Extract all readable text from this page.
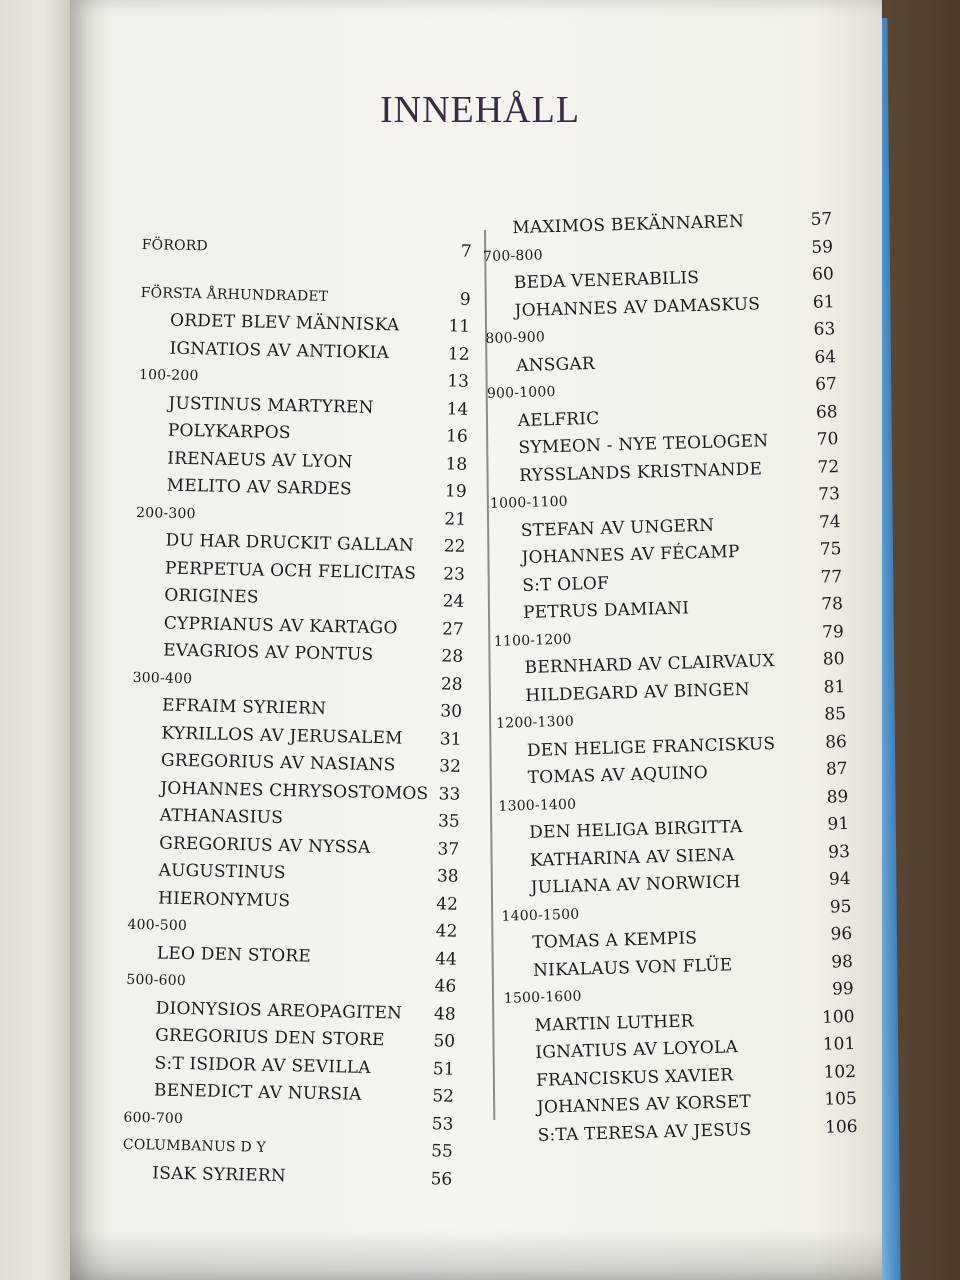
INNEHÅLL
FÖRORD	7
FÖRSTA ÅRHUNDRADET	9
ORDET BLEV MÄNNISKA	11
IGNATIOS AV ANTIOKIA	12
100-200	13
JUSTINUS MARTYREN	14
POLYKARPOS	16
IRENAEUS AV LYON	18
MELITO AV SARDES	19
200-300	21
DU HAR DRUCKIT GALLAN 22
PERPETUA OCH FELICITAS 23
ORIGINES	24
CYPRIANUS AV KARTAGO	27
EVAGRIOS AV PONTUS	28
300-400	28
EFRAIM SYRIERN	30
KYRILLOS AV JERUSALEM 31
GREGORIUS AV NASIANS	32
JOHANNES CHRYSOSTOMOS 33
ATHANASIUS	35
GREGORIUS AV NYSSA	37
AUGUSTINUS	38
HIERONYMUS	42
400-500	42
LEO DEN STORE	44
500-600	46
DIONYSIOS AREOPAGITEN 48
GREGORIUS DEN STORE	50
S:T ISIDOR AV SEVILLA	51
BENEDICT AV NURSIA	52
600-700	53
COLUMBANUS D Y	55
ISAK SYRIERN	56
MAXIMOS BEKÄNNAREN	57
700-800	59
BEDA VENERABILIS	60
JOHANNES AV DAMASKUS	61
800-900	63
ANSGAR	64
900-1000	67
AELFRIC	68
SYMEON - NYE TEOLOGEN	70
RYSSLANDS KRISTNANDE	72
1000-1100	73
STEFAN AV UNGERN	74
JOHANNES AV FÉCAMP	75
S:T OLOF	77
PETRUS DAMIANI	78
1100-1200	79
BERNHARD AV CLAIRVAUX	80
HILDEGARD AV BINGEN	81
1200-1300	85
DEN HELIGE FRANCISKUS	86
TOMAS AV AQUINO	87
1300-1400	89
DEN HELIGA BIRGITTA	91
KATHARINA AV SIENA	93
JULIANA AV NORWICH	94
1400-1500	95
TOMAS A KEMPIS	96
NIKALAUS VON FLÜE	98
1500-1600	99
MARTIN LUTHER	100
IGNATIUS AV LOYOLA	101
FRANCISKUS XAVIER	102
JOHANNES AV KORSET	105
S:TA TERESA AV JESUS	106
